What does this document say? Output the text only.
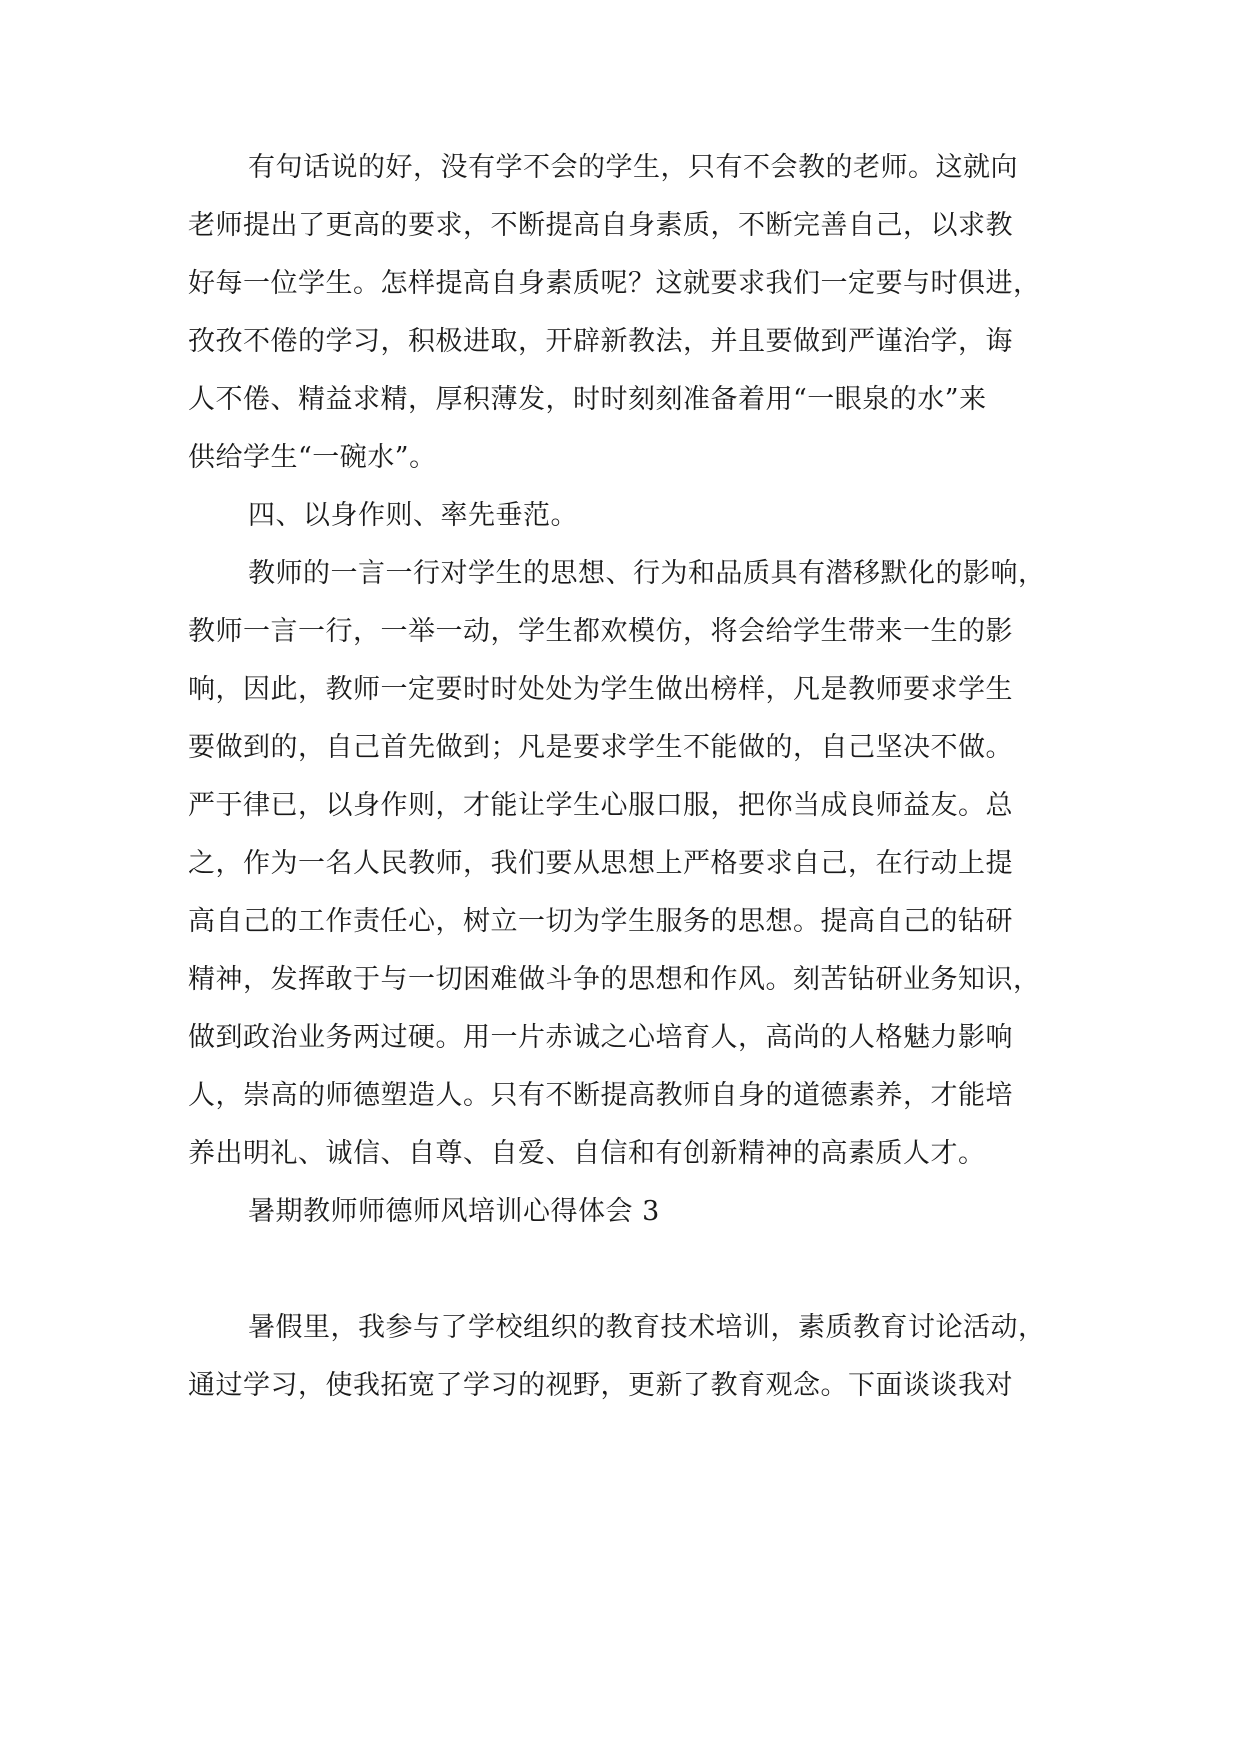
有句话说的好，没有学不会的学生，只有不会教的老师。这就向
老师提出了更高的要求，不断提高自身素质，不断完善自己，以求教
好每一位学生。怎样提高自身素质呢？这就要求我们一定要与时俱进，
孜孜不倦的学习，积极进取，开辟新教法，并且要做到严谨治学，诲
人不倦、精益求精，厚积薄发，时时刻刻准备着用“一眼泉的水”来
供给学生“一碗水”。
四、以身作则、率先垂范。
教师的一言一行对学生的思想、行为和品质具有潜移默化的影响，
教师一言一行，一举一动，学生都欢模仿，将会给学生带来一生的影
响，因此，教师一定要时时处处为学生做出榜样，凡是教师要求学生
要做到的，自己首先做到；凡是要求学生不能做的，自己坚决不做。
严于律已，以身作则，才能让学生心服口服，把你当成良师益友。总
之，作为一名人民教师，我们要从思想上严格要求自己，在行动上提
高自己的工作责任心，树立一切为学生服务的思想。提高自己的钻研
精神，发挥敢于与一切困难做斗争的思想和作风。刻苦钻研业务知识，
做到政治业务两过硬。用一片赤诚之心培育人，高尚的人格魅力影响
人，崇高的师德塑造人。只有不断提高教师自身的道德素养，才能培
养出明礼、诚信、自尊、自爱、自信和有创新精神的高素质人才。
暑期教师师德师风培训心得体会 3
暑假里，我参与了学校组织的教育技术培训，素质教育讨论活动，
通过学习，使我拓宽了学习的视野，更新了教育观念。下面谈谈我对
